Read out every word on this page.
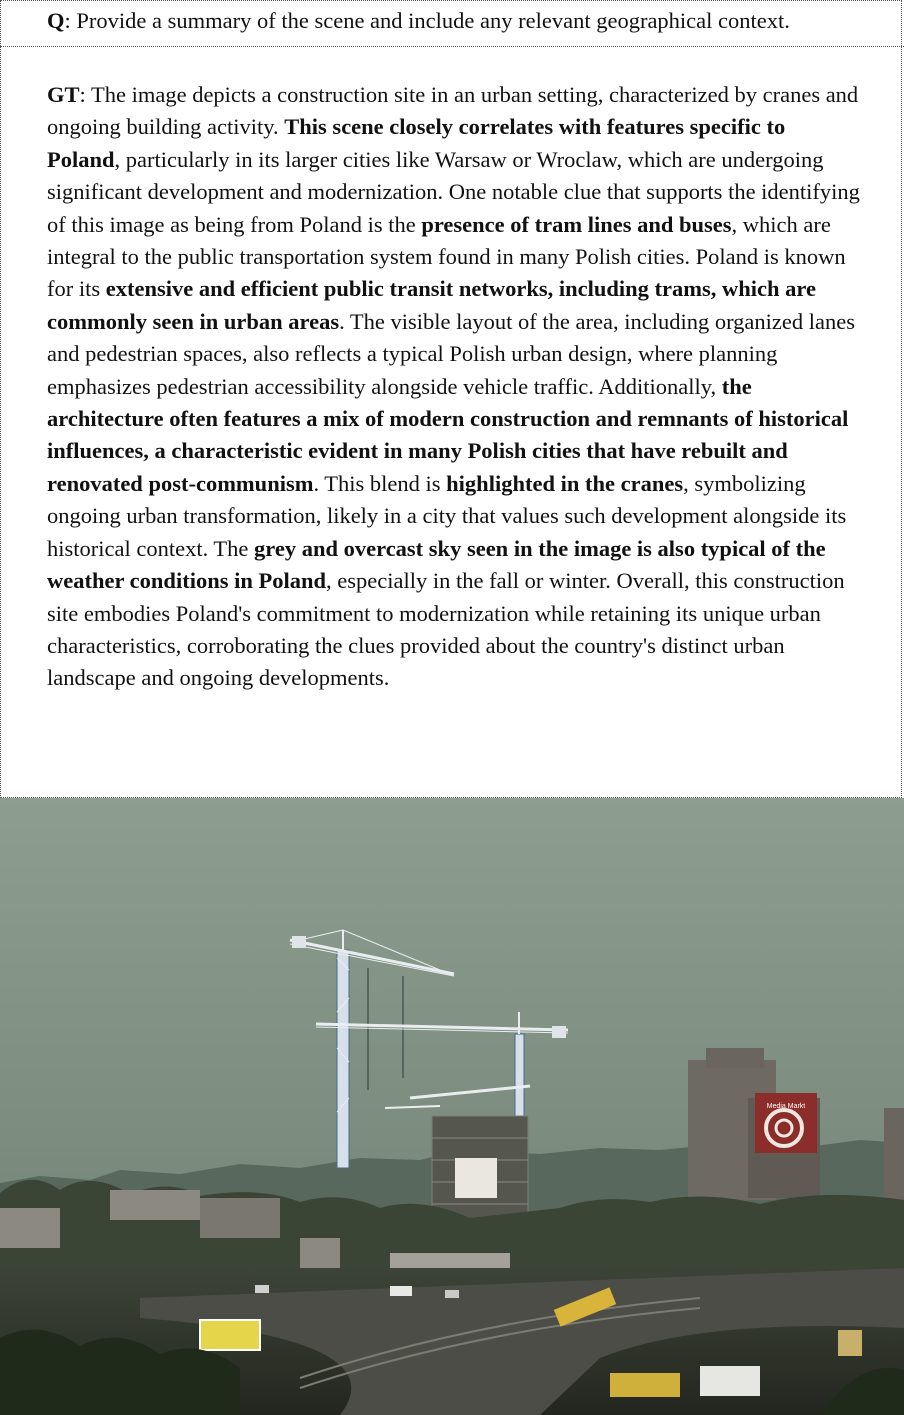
Q: Provide a summary of the scene and include any relevant geographical context.
GT: The image depicts a construction site in an urban setting, characterized by cranes and ongoing building activity. This scene closely correlates with features specific to Poland, particularly in its larger cities like Warsaw or Wroclaw, which are undergoing significant development and modernization. One notable clue that supports the identifying of this image as being from Poland is the presence of tram lines and buses, which are integral to the public transportation system found in many Polish cities. Poland is known for its extensive and efficient public transit networks, including trams, which are commonly seen in urban areas. The visible layout of the area, including organized lanes and pedestrian spaces, also reflects a typical Polish urban design, where planning emphasizes pedestrian accessibility alongside vehicle traffic. Additionally, the architecture often features a mix of modern construction and remnants of historical influences, a characteristic evident in many Polish cities that have rebuilt and renovated post-communism. This blend is highlighted in the cranes, symbolizing ongoing urban transformation, likely in a city that values such development alongside its historical context. The grey and overcast sky seen in the image is also typical of the weather conditions in Poland, especially in the fall or winter. Overall, this construction site embodies Poland's commitment to modernization while retaining its unique urban characteristics, corroborating the clues provided about the country's distinct urban landscape and ongoing developments.
Media Markt
